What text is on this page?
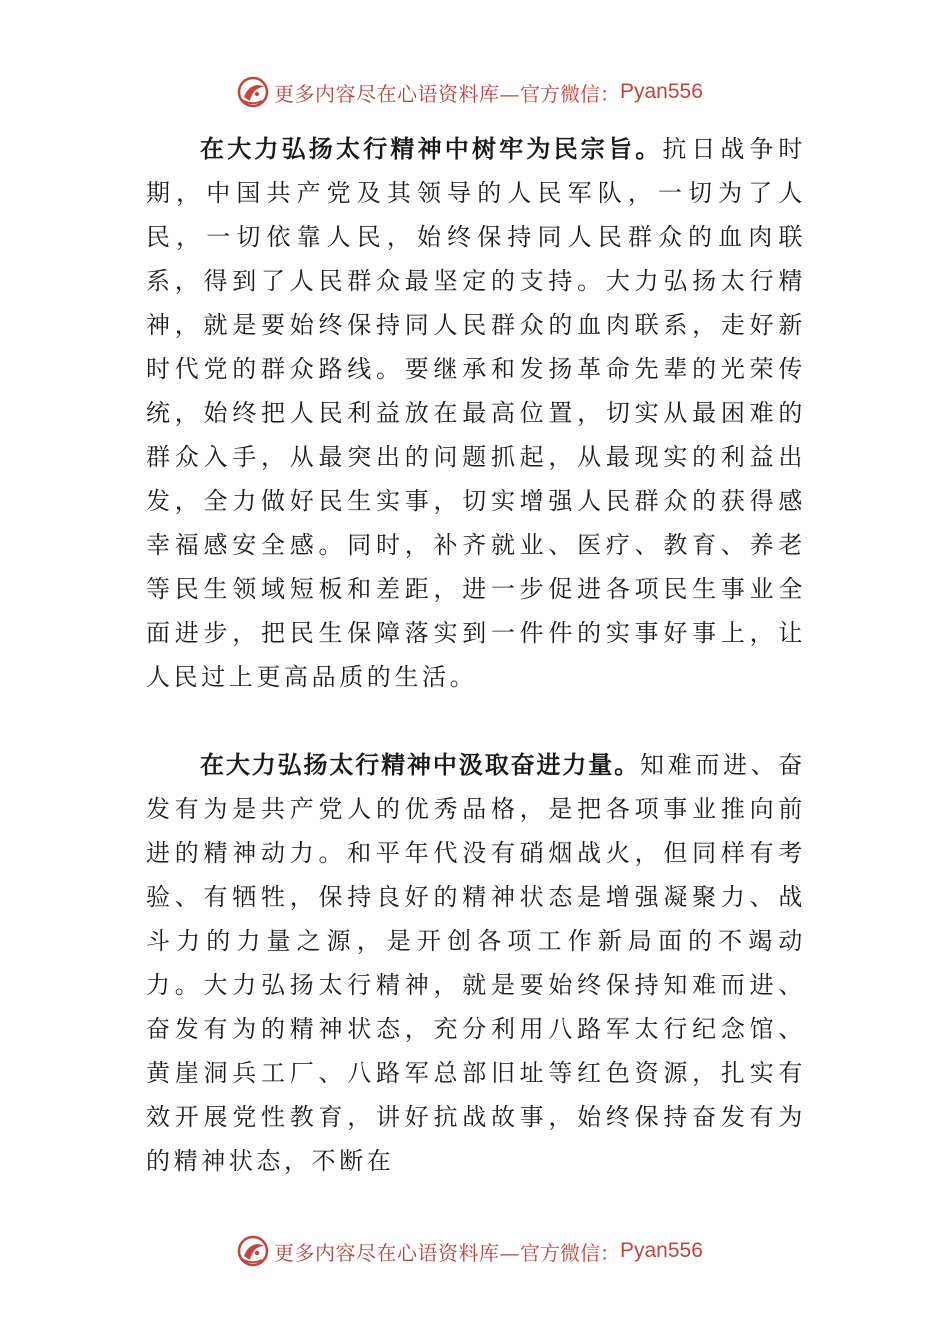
更多内容尽在心语资料库— 官方微信： Pyan556

在大力弘扬太行精神中树牢为民宗旨。抗日战争时期，中国共产党及其领导的人民军队，一切为了人民，一切依靠人民，始终保持同人民群众的血肉联系，得到了人民群众最坚定的支持。大力弘扬太行精神，就是要始终保持同人民群众的血肉联系，走好新时代党的群众路线。要继承和发扬革命先辈的光荣传统，始终把人民利益放在最高位置，切实从最困难的群众入手，从最突出的问题抓起，从最现实的利益出发，全力做好民生实事，切实增强人民群众的获得感幸福感安全感。同时，补齐就业、医疗、教育、养老等民生领域短板和差距，进一步促进各项民生事业全面进步，把民生保障落实到一件件的实事好事上，让人民过上更高品质的生活。

在大力弘扬太行精神中汲取奋进力量。知难而进、奋发有为是共产党人的优秀品格，是把各项事业推向前进的精神动力。和平年代没有硝烟战火，但同样有考验、有牺牲，保持良好的精神状态是增强凝聚力、战斗力的力量之源，是开创各项工作新局面的不竭动力。大力弘扬太行精神，就是要始终保持知难而进、奋发有为的精神状态，充分利用八路军太行纪念馆、黄崖洞兵工厂、八路军总部旧址等红色资源，扎实有效开展党性教育，讲好抗战故事，始终保持奋发有为的精神状态，不断在

更多内容尽在心语资料库— 官方微信： Pyan556
